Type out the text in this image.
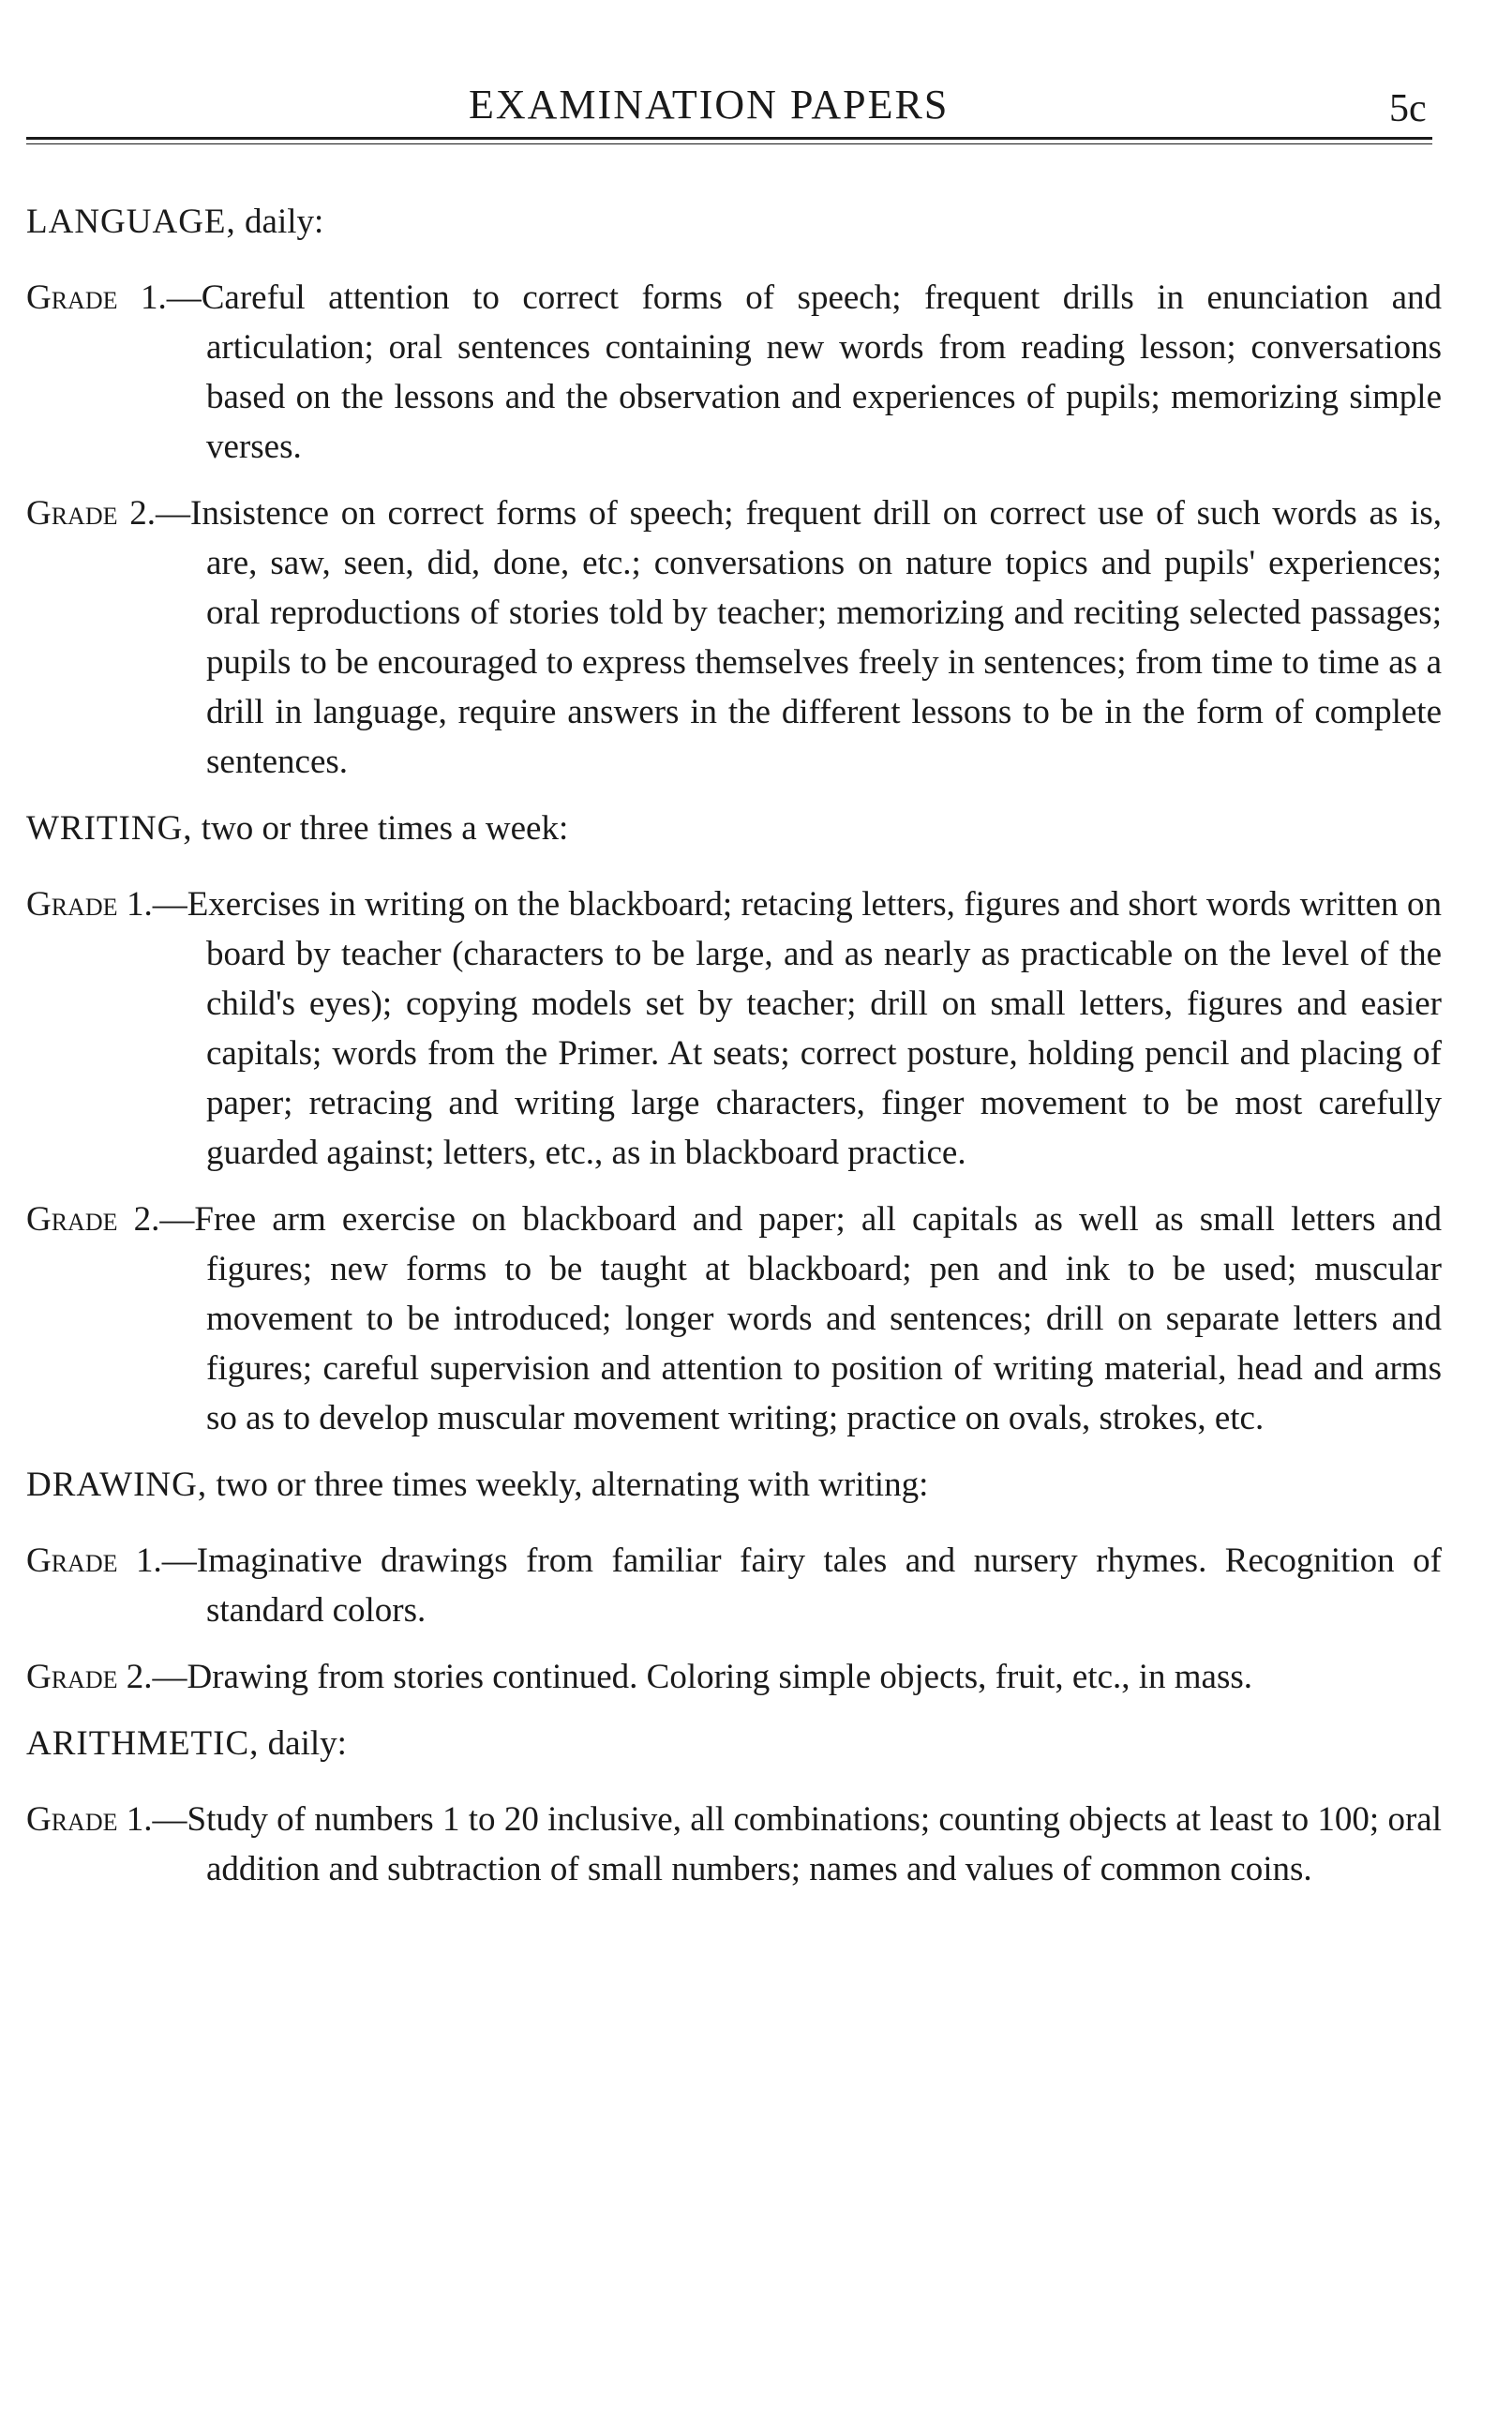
EXAMINATION PAPERS	5c

LANGUAGE, daily:

Grade 1.—Careful attention to correct forms of speech; frequent drills in enunciation and articulation; oral sentences containing new words from reading lesson; conversations based on the lessons and the observation and experiences of pupils; memorizing simple verses.

Grade 2.—Insistence on correct forms of speech; frequent drill on correct use of such words as is, are, saw, seen, did, done, etc.; conversations on nature topics and pupils' experiences; oral reproductions of stories told by teacher; memorizing and reciting selected passages; pupils to be encouraged to express themselves freely in sentences; from time to time as a drill in language, require answers in the different lessons to be in the form of complete sentences.

WRITING, two or three times a week:

Grade 1.—Exercises in writing on the blackboard; retacing letters, figures and short words written on board by teacher (characters to be large, and as nearly as practicable on the level of the child's eyes); copying models set by teacher; drill on small letters, figures and easier capitals; words from the Primer. At seats; correct posture, holding pencil and placing of paper; retracing and writing large characters, finger movement to be most carefully guarded against; letters, etc., as in blackboard practice.

Grade 2.—Free arm exercise on blackboard and paper; all capitals as well as small letters and figures; new forms to be taught at blackboard; pen and ink to be used; muscular movement to be introduced; longer words and sentences; drill on separate letters and figures; careful supervision and attention to position of writing material, head and arms so as to develop muscular movement writing; practice on ovals, strokes, etc.

DRAWING, two or three times weekly, alternating with writing:

Grade 1.—Imaginative drawings from familiar fairy tales and nursery rhymes. Recognition of standard colors.

Grade 2.—Drawing from stories continued. Coloring simple objects, fruit, etc., in mass.

ARITHMETIC, daily:

Grade 1.—Study of numbers 1 to 20 inclusive, all combinations; counting objects at least to 100; oral addition and subtraction of small numbers; names and values of common coins.
